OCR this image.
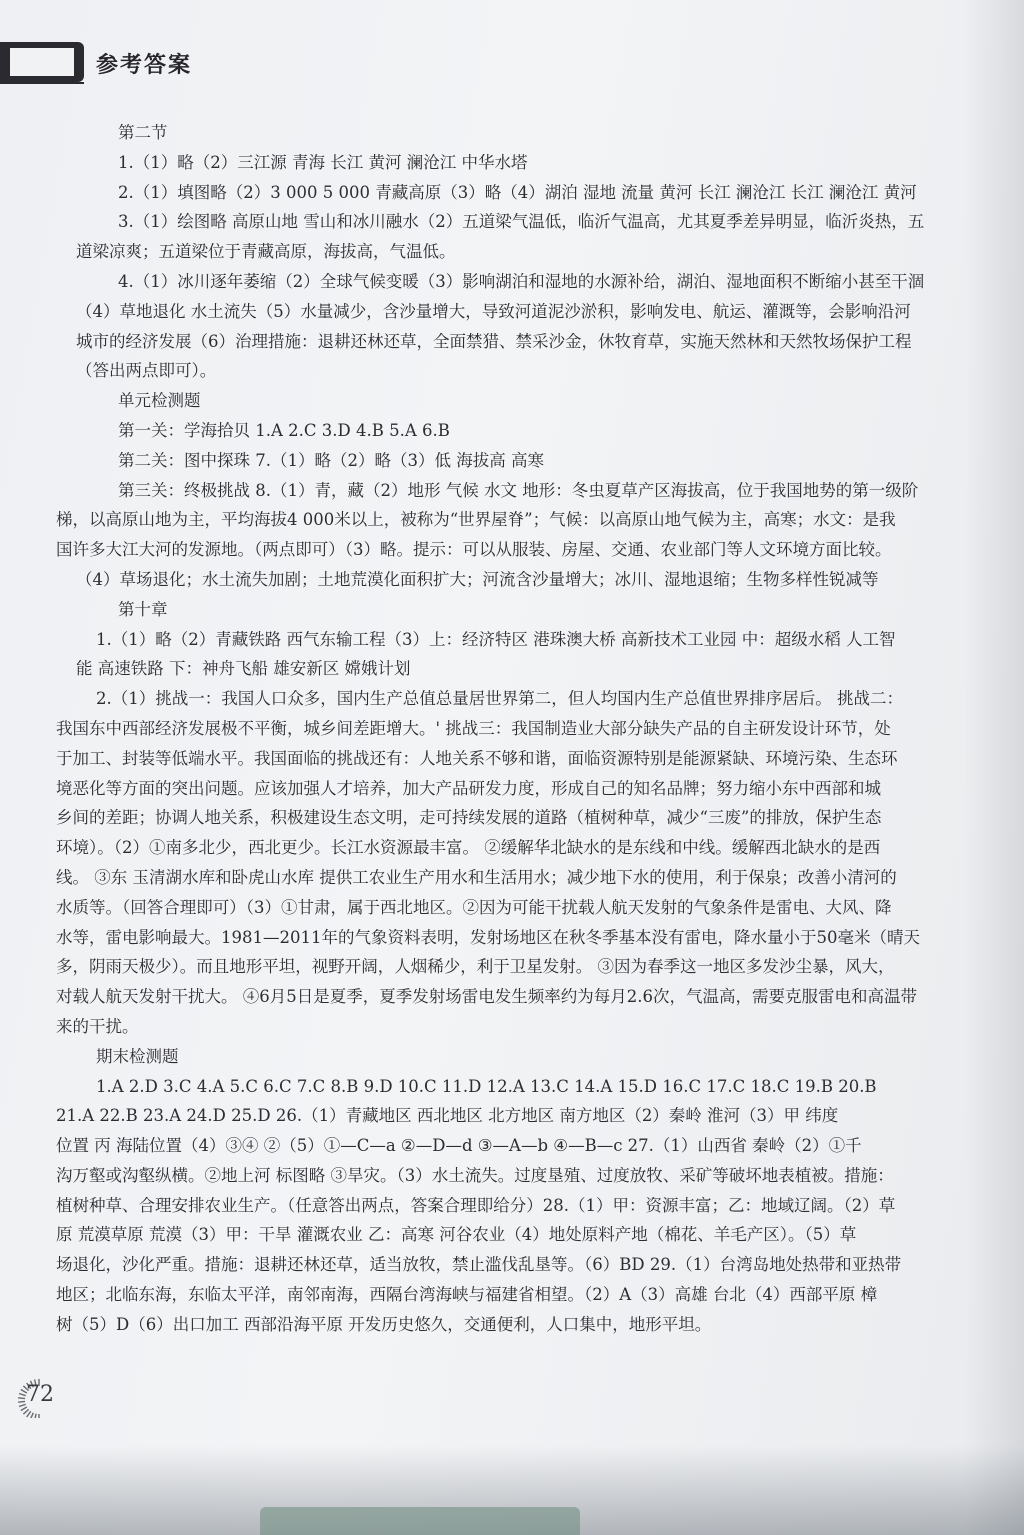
参考答案
第二节
1.（1）略（2）三江源 青海 长江 黄河 澜沧江 中华水塔
2.（1）填图略（2）3 000 5 000 青藏高原（3）略（4）湖泊 湿地 流量 黄河 长江 澜沧江 长江 澜沧江 黄河
3.（1）绘图略 高原山地 雪山和冰川融水（2）五道梁气温低，临沂气温高，尤其夏季差异明显，临沂炎热，五
道梁凉爽；五道梁位于青藏高原，海拔高，气温低。
4.（1）冰川逐年萎缩（2）全球气候变暖（3）影响湖泊和湿地的水源补给，湖泊、湿地面积不断缩小甚至干涸
（4）草地退化 水土流失（5）水量减少，含沙量增大，导致河道泥沙淤积，影响发电、航运、灌溉等，会影响沿河
城市的经济发展（6）治理措施：退耕还林还草，全面禁猎、禁采沙金，休牧育草，实施天然林和天然牧场保护工程
（答出两点即可）。
单元检测题
第一关：学海拾贝 1.A 2.C 3.D 4.B 5.A 6.B
第二关：图中探珠 7.（1）略（2）略（3）低 海拔高 高寒
第三关：终极挑战 8.（1）青，藏（2）地形 气候 水文 地形：冬虫夏草产区海拔高，位于我国地势的第一级阶
梯，以高原山地为主，平均海拔4 000米以上，被称为“世界屋脊”；气候：以高原山地气候为主，高寒；水文：是我
国许多大江大河的发源地。（两点即可）（3）略。提示：可以从服装、房屋、交通、农业部门等人文环境方面比较。
（4）草场退化；水土流失加剧；土地荒漠化面积扩大；河流含沙量增大；冰川、湿地退缩；生物多样性锐减等
第十章
1.（1）略（2）青藏铁路 西气东输工程（3）上：经济特区 港珠澳大桥 高新技术工业园 中：超级水稻 人工智
能 高速铁路 下：神舟飞船 雄安新区 嫦娥计划
2.（1）挑战一：我国人口众多，国内生产总值总量居世界第二，但人均国内生产总值世界排序居后。 挑战二：
我国东中西部经济发展极不平衡，城乡间差距增大。' 挑战三：我国制造业大部分缺失产品的自主研发设计环节，处
于加工、封装等低端水平。我国面临的挑战还有：人地关系不够和谐，面临资源特别是能源紧缺、环境污染、生态环
境恶化等方面的突出问题。应该加强人才培养，加大产品研发力度，形成自己的知名品牌；努力缩小东中西部和城
乡间的差距；协调人地关系，积极建设生态文明，走可持续发展的道路（植树种草，减少“三废”的排放，保护生态
环境）。（2）①南多北少，西北更少。长江水资源最丰富。 ②缓解华北缺水的是东线和中线。缓解西北缺水的是西
线。 ③东 玉清湖水库和卧虎山水库 提供工农业生产用水和生活用水；减少地下水的使用，利于保泉；改善小清河的
水质等。（回答合理即可）（3）①甘肃，属于西北地区。②因为可能干扰载人航天发射的气象条件是雷电、大风、降
水等，雷电影响最大。1981—2011年的气象资料表明，发射场地区在秋冬季基本没有雷电，降水量小于50毫米（晴天
多，阴雨天极少）。而且地形平坦，视野开阔，人烟稀少，利于卫星发射。 ③因为春季这一地区多发沙尘暴，风大，
对载人航天发射干扰大。 ④6月5日是夏季，夏季发射场雷电发生频率约为每月2.6次，气温高，需要克服雷电和高温带
来的干扰。
期末检测题
1.A 2.D 3.C 4.A 5.C 6.C 7.C 8.B 9.D 10.C 11.D 12.A 13.C 14.A 15.D 16.C 17.C 18.C 19.B 20.B
21.A 22.B 23.A 24.D 25.D 26.（1）青藏地区 西北地区 北方地区 南方地区（2）秦岭 淮河（3）甲 纬度
位置 丙 海陆位置（4）③④ ②（5）①—C—a ②—D—d ③—A—b ④—B—c 27.（1）山西省 秦岭（2）①千
沟万壑或沟壑纵横。②地上河 标图略 ③旱灾。（3）水土流失。过度垦殖、过度放牧、采矿等破坏地表植被。措施：
植树种草、合理安排农业生产。（任意答出两点，答案合理即给分）28.（1）甲：资源丰富；乙：地域辽阔。（2）草
原 荒漠草原 荒漠（3）甲：干旱 灌溉农业 乙：高寒 河谷农业（4）地处原料产地（棉花、羊毛产区）。（5）草
场退化，沙化严重。措施：退耕还林还草，适当放牧，禁止滥伐乱垦等。（6）BD 29.（1）台湾岛地处热带和亚热带
地区；北临东海，东临太平洋，南邻南海，西隔台湾海峡与福建省相望。（2）A（3）高雄 台北（4）西部平原 樟
树（5）D（6）出口加工 西部沿海平原 开发历史悠久，交通便利，人口集中，地形平坦。
72
